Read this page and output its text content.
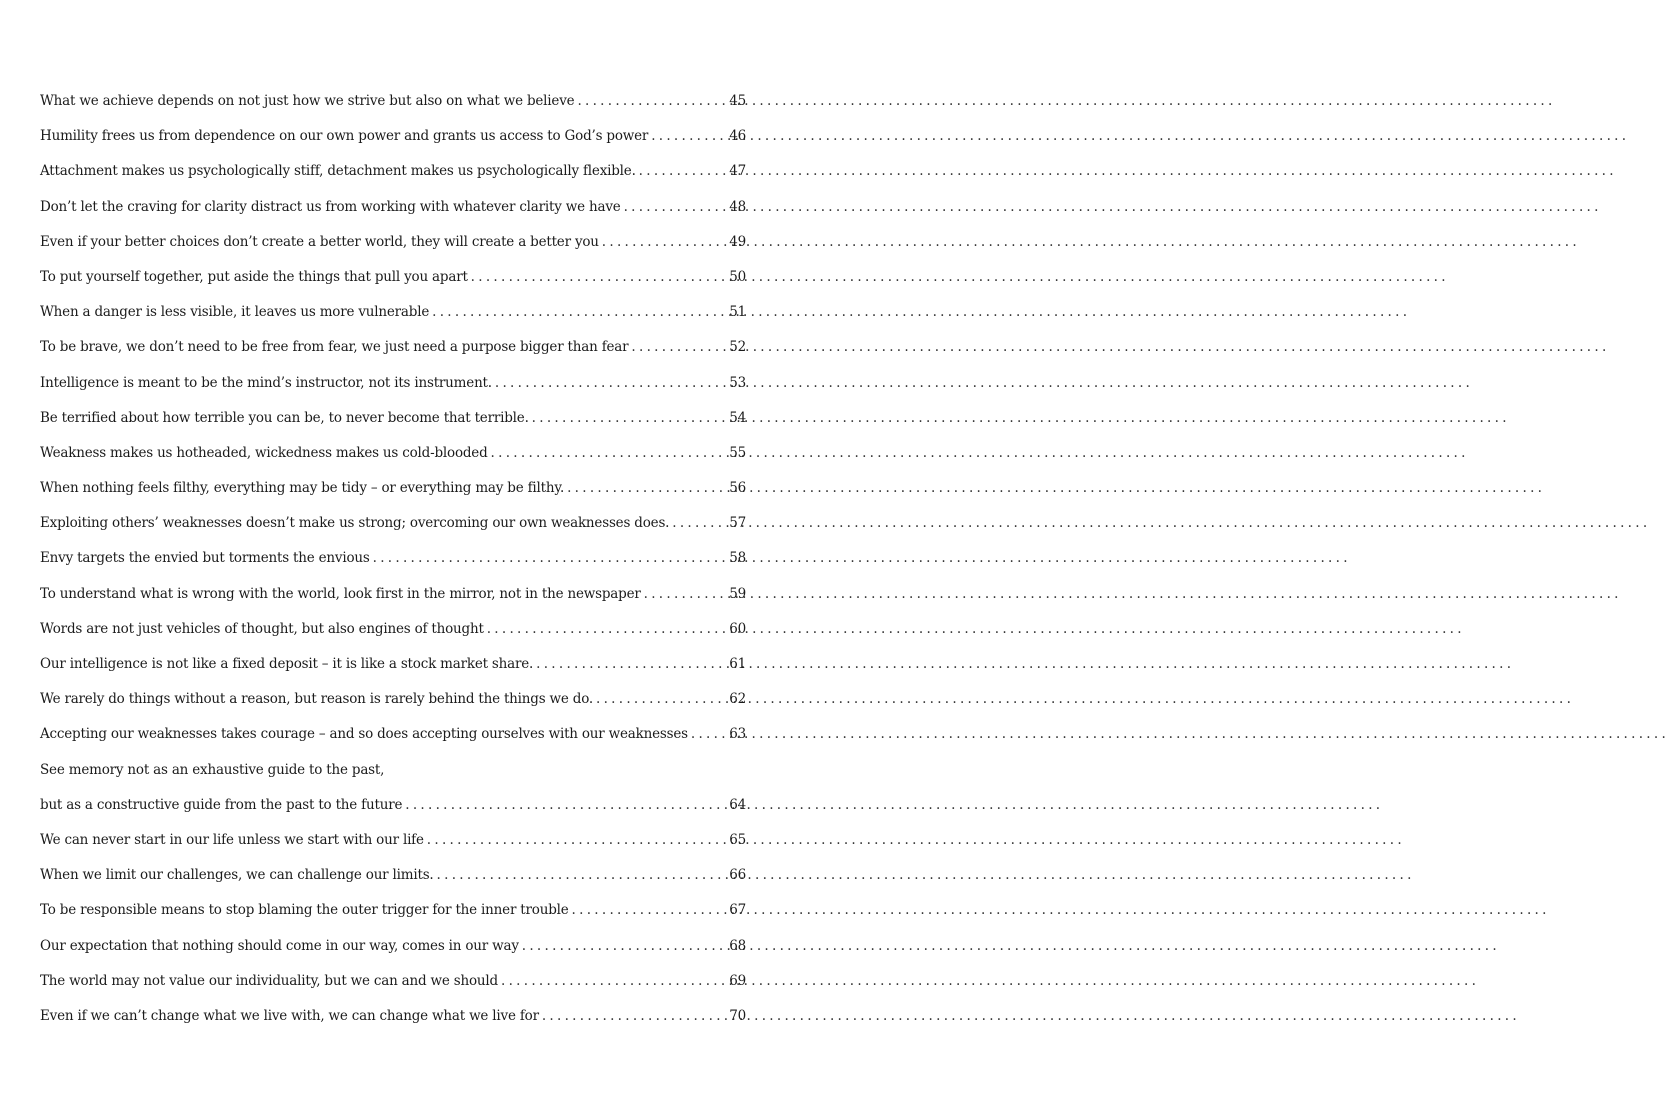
What we achieve depends on not just how we strive but also on what we believe . . .	45
Humility frees us from dependence on our own power and grants us access to God’s power . . .	46
Attachment makes us psychologically stiff, detachment makes us psychologically flexible. . . .	47
Don’t let the craving for clarity distract us from working with whatever clarity we have . . .	48
Even if your better choices don’t create a better world, they will create a better you . . .	49
To put yourself together, put aside the things that pull you apart . . .	50
When a danger is less visible, it leaves us more vulnerable . . .	51
To be brave, we don’t need to be free from fear, we just need a purpose bigger than fear . . .	52
Intelligence is meant to be the mind’s instructor, not its instrument. . . .	53
Be terrified about how terrible you can be, to never become that terrible. . . .	54
Weakness makes us hotheaded, wickedness makes us cold-blooded . . .	55
When nothing feels filthy, everything may be tidy – or everything may be filthy. . . .	56
Exploiting others’ weaknesses doesn’t make us strong; overcoming our own weaknesses does. . . .	57
Envy targets the envied but torments the envious . . .	58
To understand what is wrong with the world, look first in the mirror, not in the newspaper . . .	59
Words are not just vehicles of thought, but also engines of thought . . .	60
Our intelligence is not like a fixed deposit – it is like a stock market share. . . .	61
We rarely do things without a reason, but reason is rarely behind the things we do. . . .	62
Accepting our weaknesses takes courage – and so does accepting ourselves with our weaknesses . . .	63
See memory not as an exhaustive guide to the past,
but as a constructive guide from the past to the future . . .	64
We can never start in our life unless we start with our life . . .	65
When we limit our challenges, we can challenge our limits. . . .	66
To be responsible means to stop blaming the outer trigger for the inner trouble . . .	67
Our expectation that nothing should come in our way, comes in our way . . .	68
The world may not value our individuality, but we can and we should . . .	69
Even if we can’t change what we live with, we can change what we live for . . .	70
